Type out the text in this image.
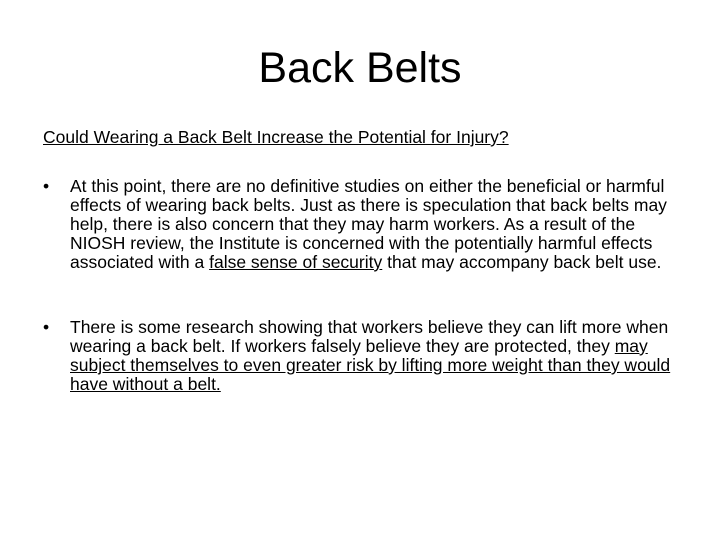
Back Belts

Could Wearing a Back Belt Increase the Potential for Injury?

• At this point, there are no definitive studies on either the beneficial or harmful effects of wearing back belts. Just as there is speculation that back belts may help, there is also concern that they may harm workers. As a result of the NIOSH review, the Institute is concerned with the potentially harmful effects associated with a false sense of security that may accompany back belt use.
• There is some research showing that workers believe they can lift more when wearing a back belt. If workers falsely believe they are protected, they may subject themselves to even greater risk by lifting more weight than they would have without a belt.
